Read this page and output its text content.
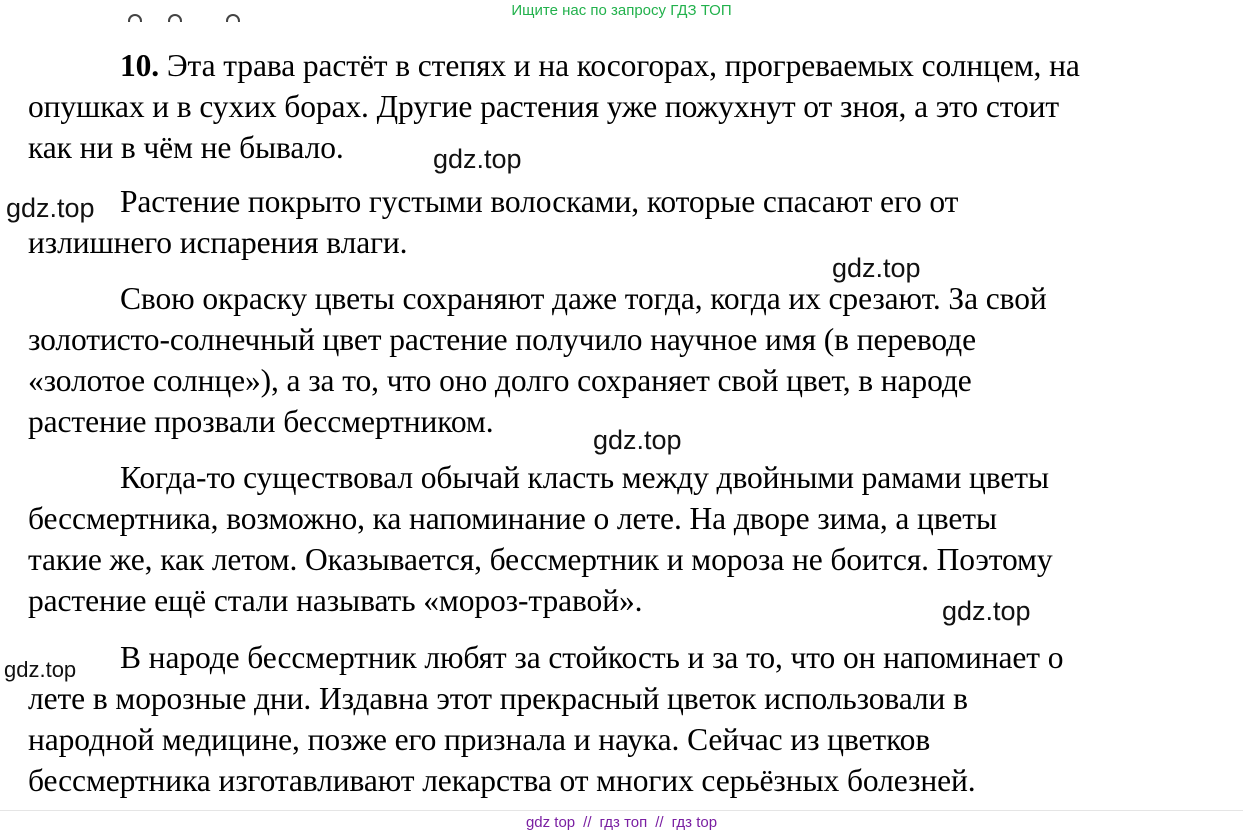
Ищите нас по запросу ГДЗ ТОП

10. Эта трава растёт в степях и на косогорах, прогреваемых солнцем, на
опушках и в сухих борах. Другие растения уже пожухнут от зноя, а это стоит
как ни в чём не бывало.

Растение покрыто густыми волосками, которые спасают его от
излишнего испарения влаги.

Свою окраску цветы сохраняют даже тогда, когда их срезают. За свой
золотисто-солнечный цвет растение получило научное имя (в переводе
«золотое солнце»), а за то, что оно долго сохраняет свой цвет, в народе
растение прозвали бессмертником.

Когда-то существовал обычай класть между двойными рамами цветы
бессмертника, возможно, ка напоминание о лете. На дворе зима, а цветы
такие же, как летом. Оказывается, бессмертник и мороза не боится. Поэтому
растение ещё стали называть «мороз-травой».

В народе бессмертник любят за стойкость и за то, что он напоминает о
лете в морозные дни. Издавна этот прекрасный цветок использовали в
народной медицине, позже его признала и наука. Сейчас из цветков
бессмертника изготавливают лекарства от многих серьёзных болезней.

gdz.top
gdz.top
gdz.top
gdz.top
gdz.top
gdz.top
gdz top // гдз топ // гдз top
